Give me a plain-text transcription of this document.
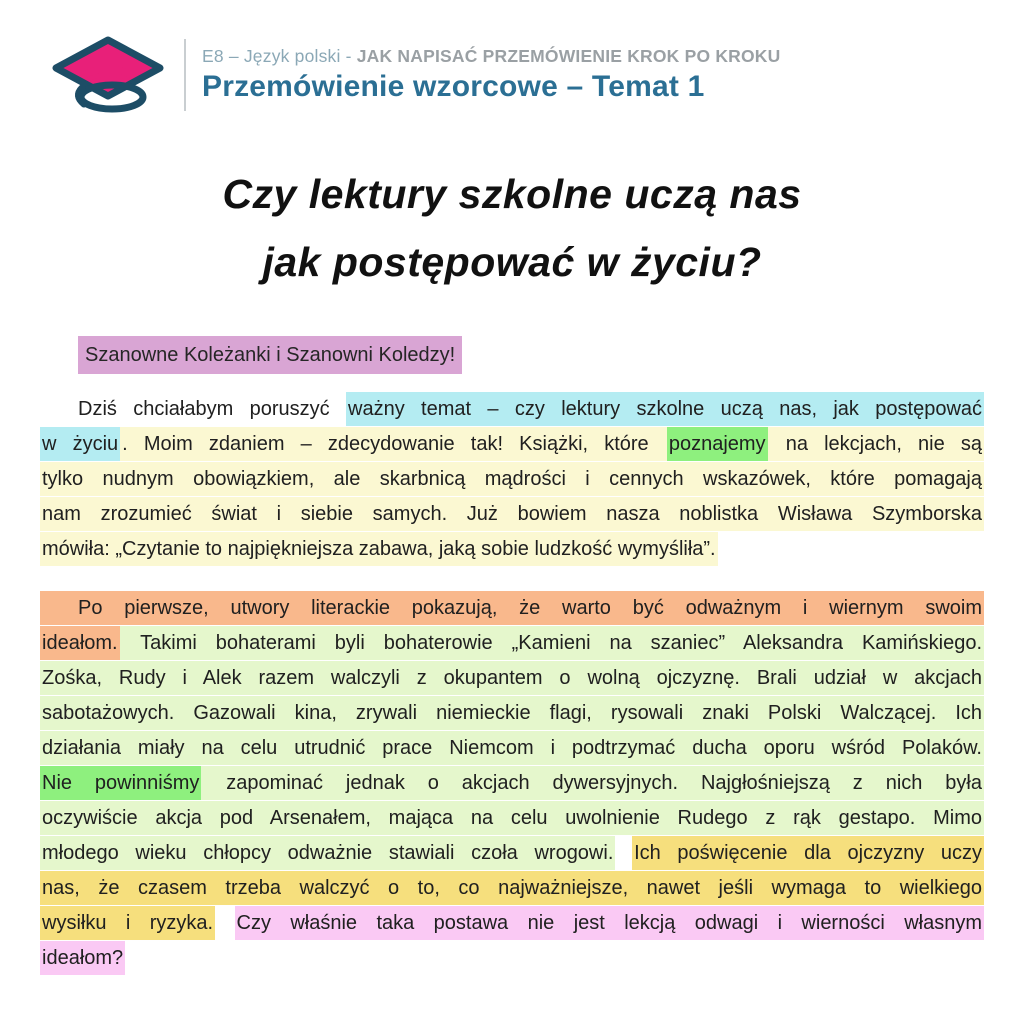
E8 – Język polski - JAK NAPISAĆ PRZEMÓWIENIE KROK PO KROKU
Przemówienie wzorcowe – Temat 1
Czy lektury szkolne uczą nas
jak postępować w życiu?
Szanowne Koleżanki i Szanowni Koledzy!
Dziś chciałabym poruszyć ważny temat – czy lektury szkolne uczą nas, jak postępować
w życiu . Moim zdaniem – zdecydowanie tak! Książki, które poznajemy na lekcjach, nie są
tylko nudnym obowiązkiem, ale skarbnicą mądrości i cennych wskazówek, które pomagają
nam zrozumieć świat i siebie samych. Już bowiem nasza noblistka Wisława Szymborska
mówiła: „Czytanie to najpiękniejsza zabawa, jaką sobie ludzkość wymyśliła”.
Po pierwsze, utwory literackie pokazują, że warto być odważnym i wiernym swoim
ideałom. Takimi bohaterami byli bohaterowie „Kamieni na szaniec” Aleksandra Kamińskiego.
Zośka, Rudy i Alek razem walczyli z okupantem o wolną ojczyznę. Brali udział w akcjach
sabotażowych. Gazowali kina, zrywali niemieckie flagi, rysowali znaki Polski Walczącej. Ich
działania miały na celu utrudnić prace Niemcom i podtrzymać ducha oporu wśród Polaków.
Nie powinniśmy zapominać jednak o akcjach dywersyjnych. Najgłośniejszą z nich była
oczywiście akcja pod Arsenałem, mająca na celu uwolnienie Rudego z rąk gestapo. Mimo
młodego wieku chłopcy odważnie stawiali czoła wrogowi. Ich poświęcenie dla ojczyzny uczy
nas, że czasem trzeba walczyć o to, co najważniejsze, nawet jeśli wymaga to wielkiego
wysiłku i ryzyka. Czy właśnie taka postawa nie jest lekcją odwagi i wierności własnym
ideałom?
